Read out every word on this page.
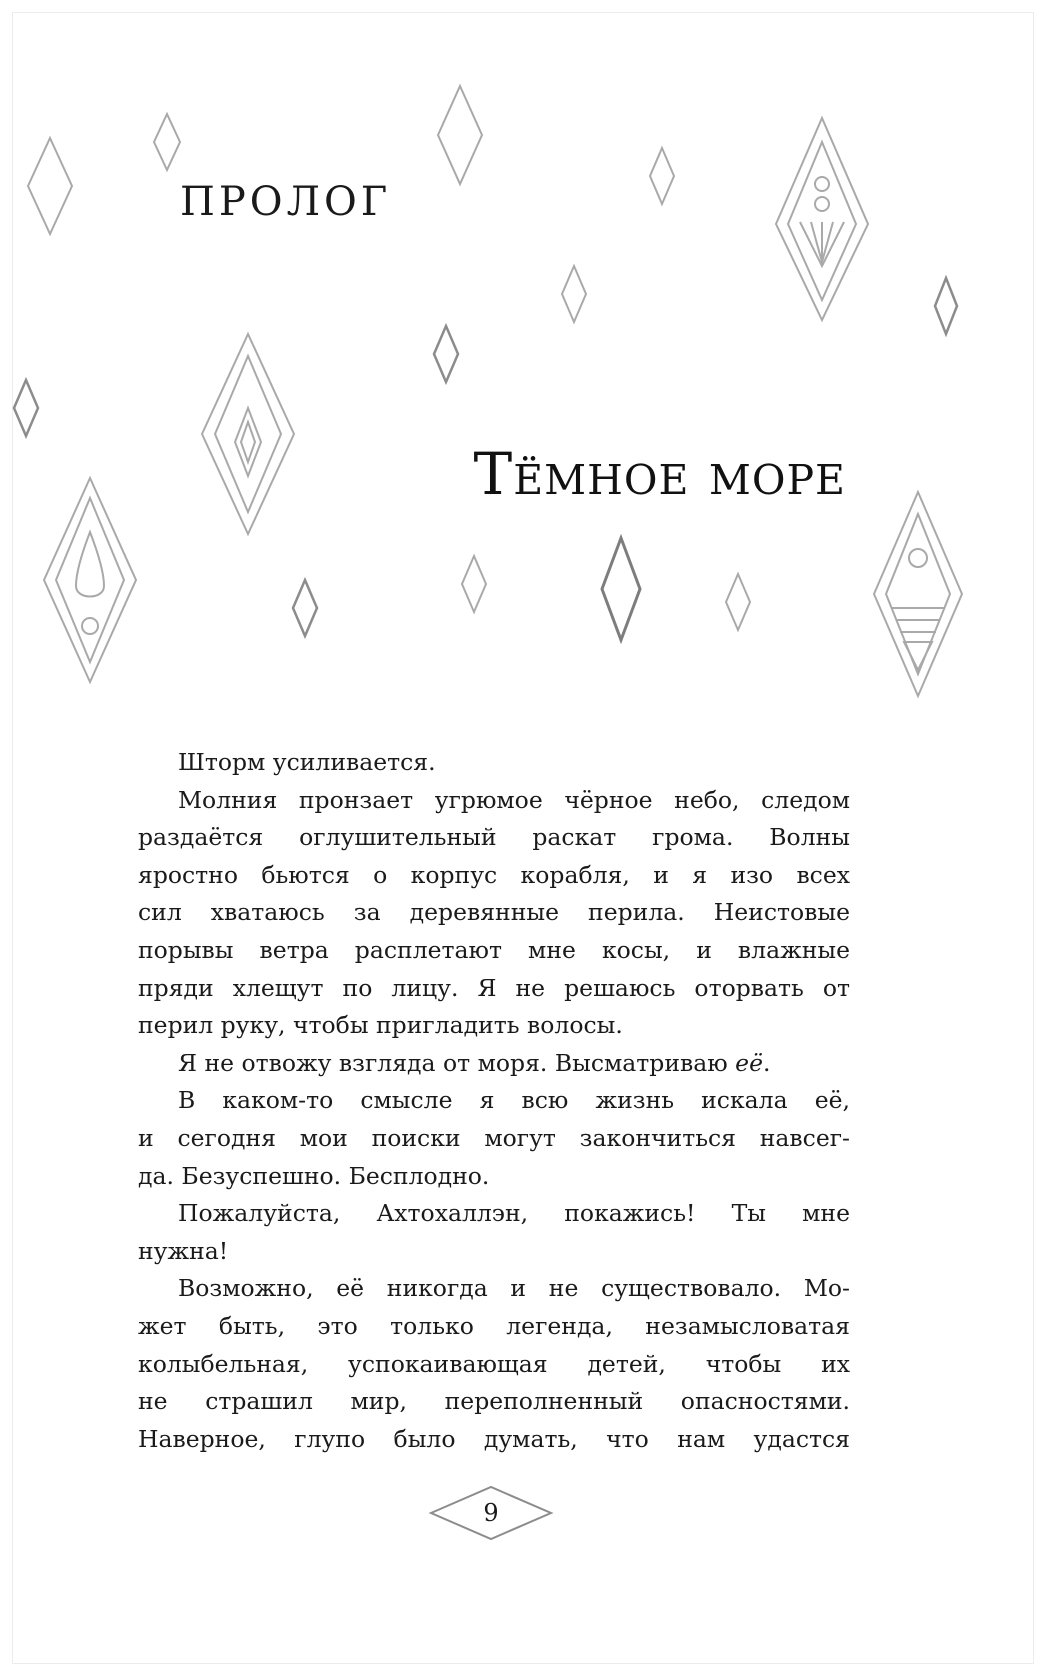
ПРОЛОГ
Тёмное море
Шторм усиливается.
Молния пронзает угрюмое чёрное небо, следом
раздаётся оглушительный раскат грома. Волны
яростно бьются о корпус корабля, и я изо всех
сил хватаюсь за деревянные перила. Неистовые
порывы ветра расплетают мне косы, и влажные
пряди хлещут по лицу. Я не решаюсь оторвать от
перил руку, чтобы пригладить волосы.
Я не отвожу взгляда от моря. Высматриваю её.
В каком-то смысле я всю жизнь искала её,
и сегодня мои поиски могут закончиться навсег-
да. Безуспешно. Бесплодно.
Пожалуйста, Ахтохаллэн, покажись! Ты мне
нужна!
Возможно, её никогда и не существовало. Мо-
жет быть, это только легенда, незамысловатая
колыбельная, успокаивающая детей, чтобы их
не страшил мир, переполненный опасностями.
Наверное, глупо было думать, что нам удастся
9
